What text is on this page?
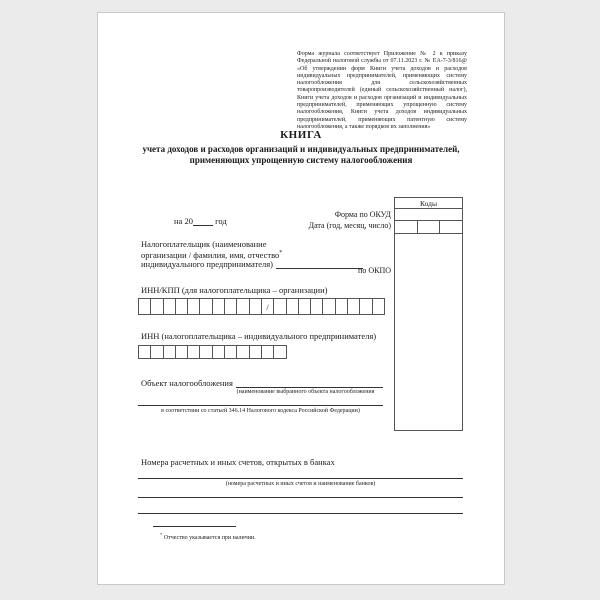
Форма журнала соответствует Приложение № 2 к приказу Федеральной налоговой службы от 07.11.2023 г. № ЕА-7-3/816@ «Об утверждении форм Книги учета доходов и расходов индивидуальных предпринимателей, применяющих систему налогообложения для сельскохозяйственных товаропроизводителей (единый сельскохозяйственный налог), Книги учета доходов и расходов организаций и индивидуальных предпринимателей, применяющих упрощенную систему налогообложения, Книги учета доходов индивидуальных предпринимателей, применяющих патентную систему налогообложения, а также порядков их заполнения»
КНИГА
учета доходов и расходов организаций и индивидуальных предпринимателей,
применяющих упрощенную систему налогообложения
на 20	год
Форма по ОКУД
Дата (год, месяц, число)
Коды
Налогоплательщик (наименование
организации / фамилия, имя, отчество*
индивидуального предпринимателя)
по ОКПО
ИНН/КПП (для налогоплательщика – организации)
/
ИНН (налогоплательщика – индивидуального предпринимателя)
Объект налогообложения
(наименование выбранного объекта налогообложения
в соответствии со статьей 346.14 Налогового кодекса Российской Федерации)
Номера расчетных и иных счетов, открытых в банках
(номера расчетных и иных счетов и наименование банков)
* Отчество указывается при наличии.
